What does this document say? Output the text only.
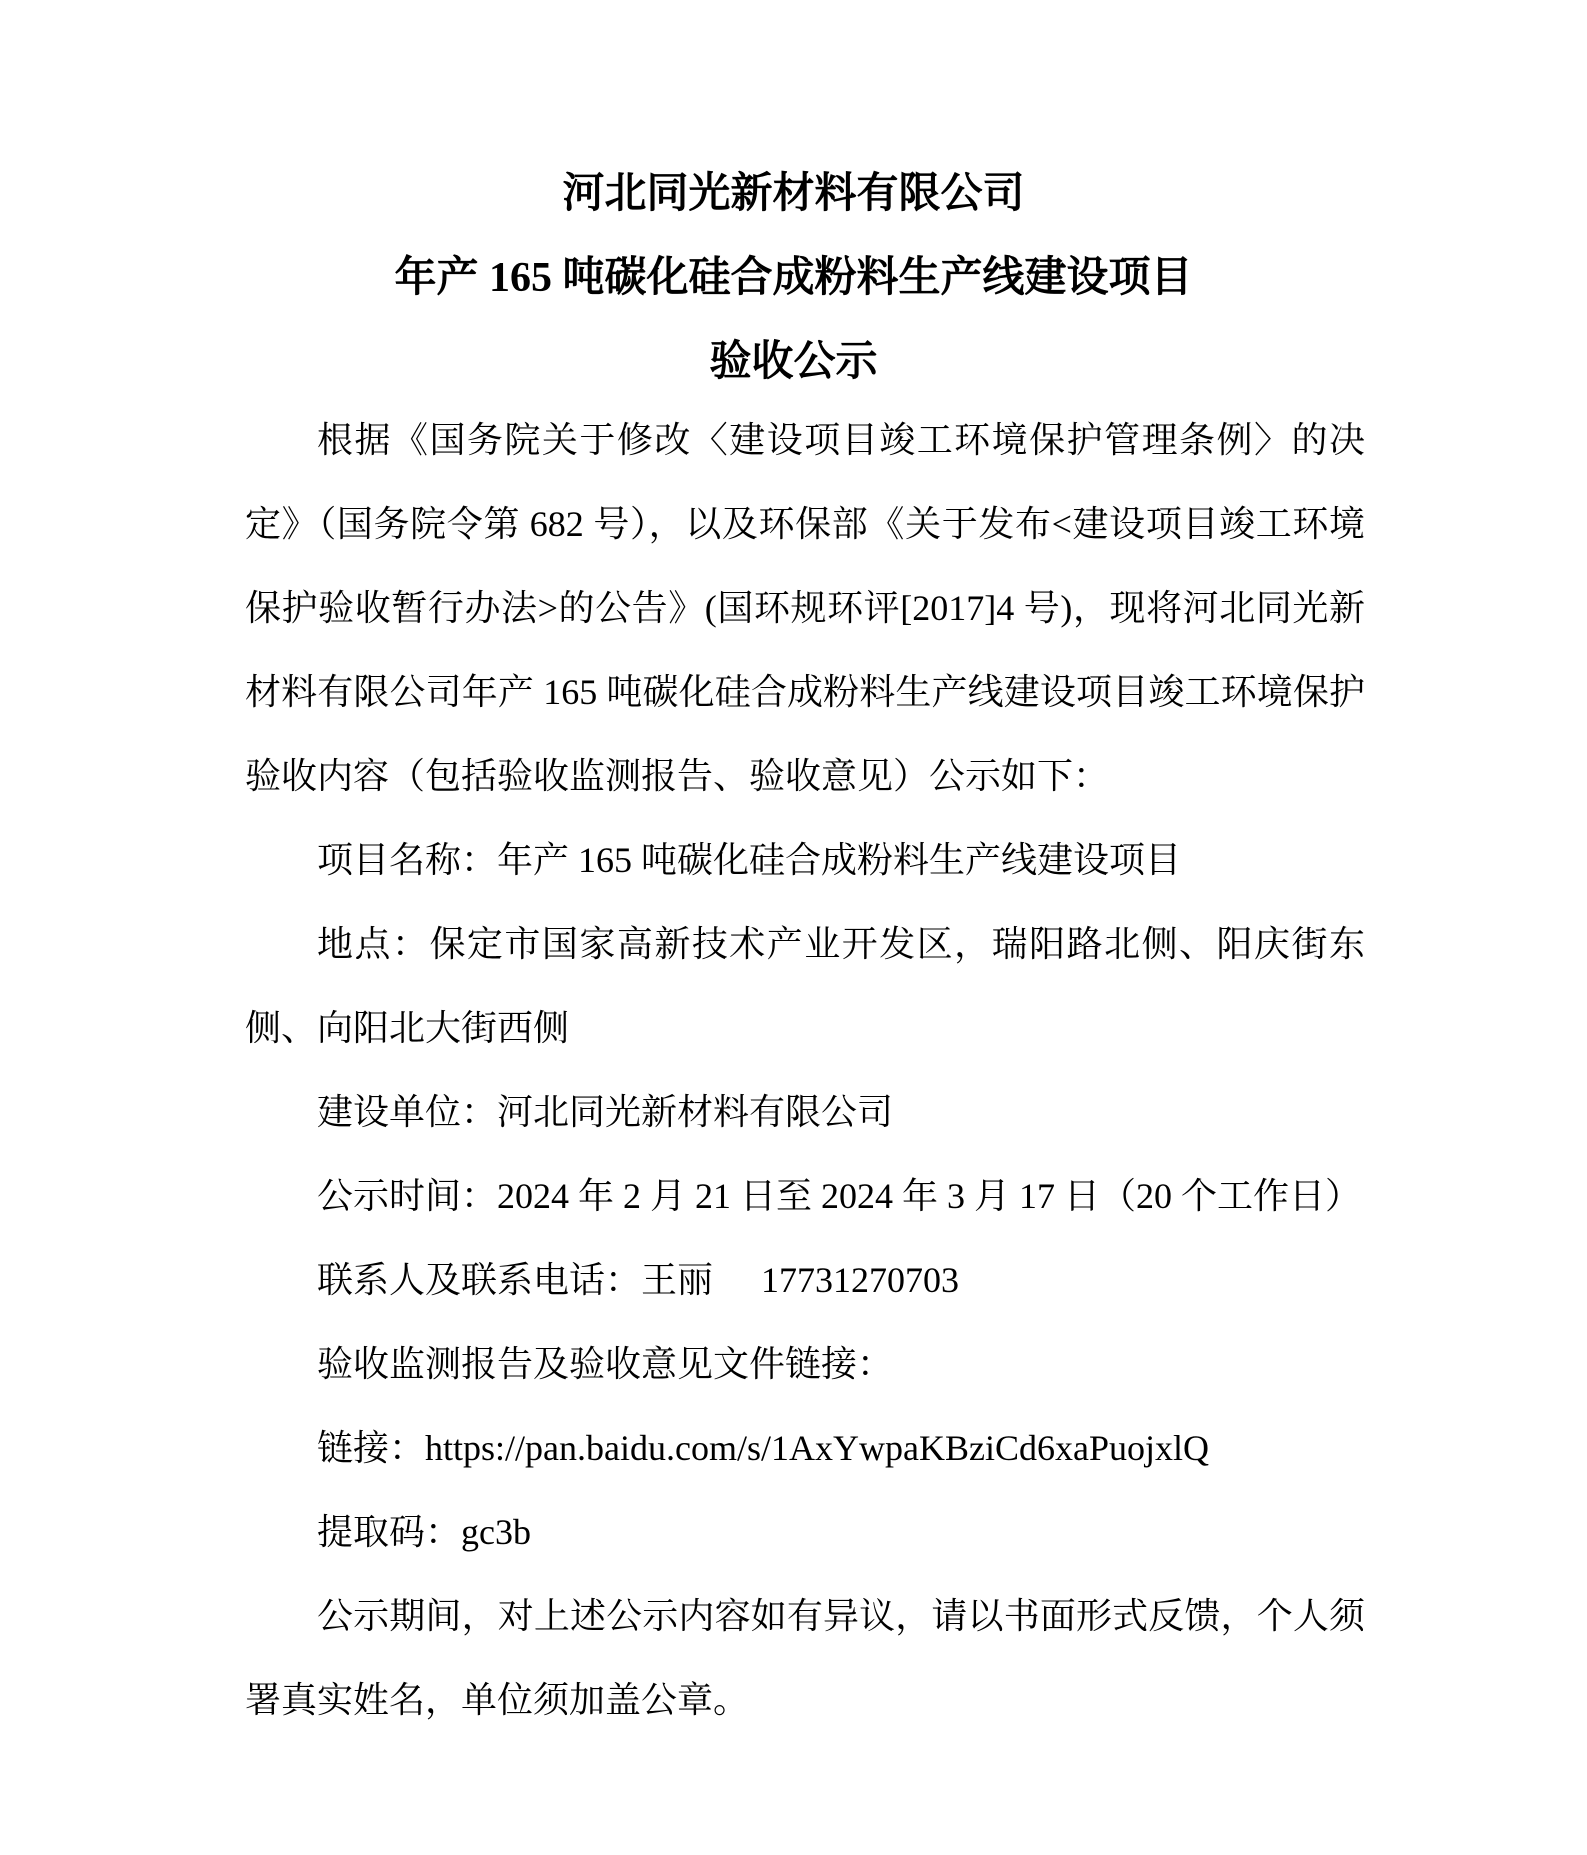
河北同光新材料有限公司
年产 165 吨碳化硅合成粉料生产线建设项目
验收公示

根据《国务院关于修改〈建设项目竣工环境保护管理条例〉的决定》（国务院令第 682 号），以及环保部《关于发布<建设项目竣工环境保护验收暂行办法>的公告》(国环规环评[2017]4 号)，现将河北同光新材料有限公司年产 165 吨碳化硅合成粉料生产线建设项目竣工环境保护验收内容（包括验收监测报告、验收意见）公示如下：

项目名称：年产 165 吨碳化硅合成粉料生产线建设项目

地点：保定市国家高新技术产业开发区，瑞阳路北侧、阳庆街东侧、向阳北大街西侧

建设单位：河北同光新材料有限公司

公示时间：2024 年 2 月 21 日至 2024 年 3 月 17 日（20 个工作日）

联系人及联系电话：王丽 17731270703

验收监测报告及验收意见文件链接：

链接：https://pan.baidu.com/s/1AxYwpaKBziCd6xaPuojxlQ

提取码：gc3b

公示期间，对上述公示内容如有异议，请以书面形式反馈，个人须署真实姓名，单位须加盖公章。
